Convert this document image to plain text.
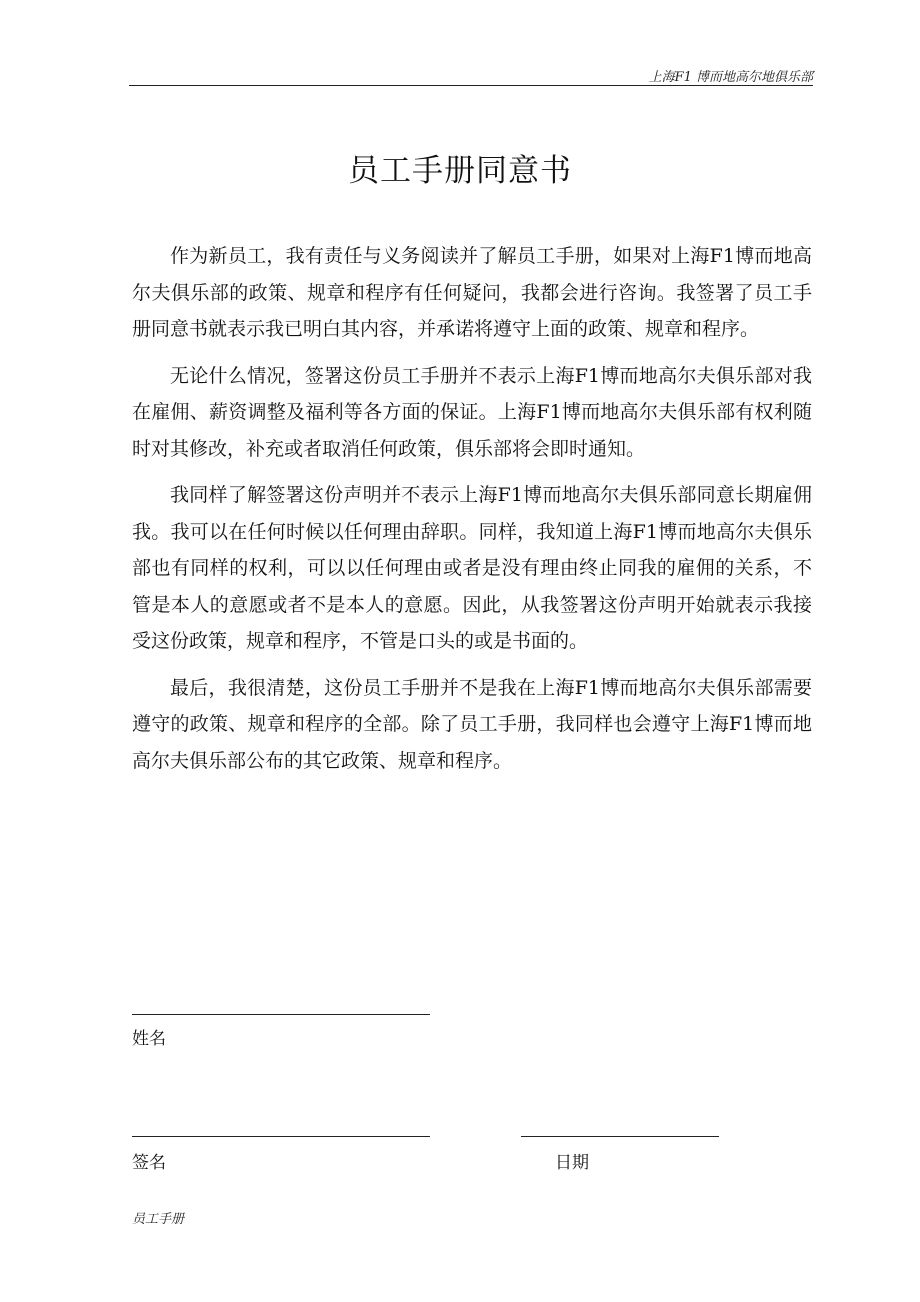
上海F1 博而地高尔地俱乐部
员工手册同意书

作为新员工，我有责任与义务阅读并了解员工手册，如果对上海F1博而地高尔夫俱乐部的政策、规章和程序有任何疑问，我都会进行咨询。我签署了员工手册同意书就表示我已明白其内容，并承诺将遵守上面的政策、规章和程序。

无论什么情况，签署这份员工手册并不表示上海F1博而地高尔夫俱乐部对我在雇佣、薪资调整及福利等各方面的保证。上海F1博而地高尔夫俱乐部有权利随时对其修改，补充或者取消任何政策，俱乐部将会即时通知。

我同样了解签署这份声明并不表示上海F1博而地高尔夫俱乐部同意长期雇佣我。我可以在任何时候以任何理由辞职。同样，我知道上海F1博而地高尔夫俱乐部也有同样的权利，可以以任何理由或者是没有理由终止同我的雇佣的关系，不管是本人的意愿或者不是本人的意愿。因此，从我签署这份声明开始就表示我接受这份政策，规章和程序，不管是口头的或是书面的。

最后，我很清楚，这份员工手册并不是我在上海F1博而地高尔夫俱乐部需要遵守的政策、规章和程序的全部。除了员工手册，我同样也会遵守上海F1博而地高尔夫俱乐部公布的其它政策、规章和程序。

姓名
签名	日期
员工手册
